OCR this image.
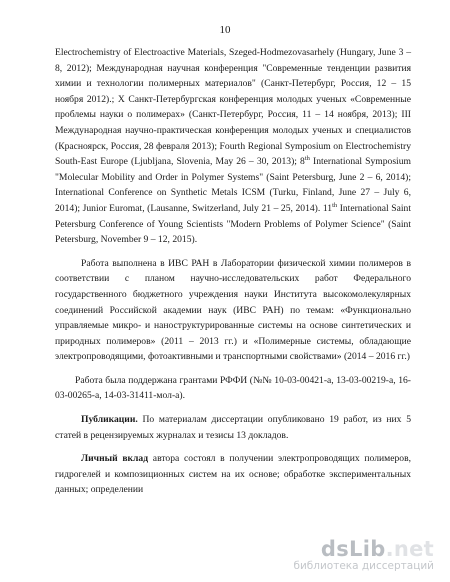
10

Electrochemistry of Electroactive Materials, Szeged-Hodmezovasarhely (Hungary, June 3 – 8, 2012); Международная научная конференция "Современные тенденции развития химии и технологии полимерных материалов" (Санкт-Петербург, Россия, 12 – 15 ноября 2012).; X Санкт-Петербургская конференция молодых ученых «Современные проблемы науки о полимерах» (Санкт-Петербург, Россия, 11 – 14 ноября, 2013); III Международная научно-практическая конференция молодых ученых и специалистов (Красноярск, Россия, 28 февраля 2013); Fourth Regional Symposium on Electrochemistry South-East Europe (Ljubljana, Slovenia, May 26 – 30, 2013); 8th International Symposium "Molecular Mobility and Order in Polymer Systems" (Saint Petersburg, June 2 – 6, 2014); International Conference on Synthetic Metals ICSM (Turku, Finland, June 27 – July 6, 2014); Junior Euromat, (Lausanne, Switzerland, July 21 – 25, 2014). 11th International Saint Petersburg Conference of Young Scientists "Modern Problems of Polymer Science" (Saint Petersburg, November 9 – 12, 2015).

Работа выполнена в ИВС РАН в Лаборатории физической химии полимеров в соответствии с планом научно-исследовательских работ Федерального государственного бюджетного учреждения науки Института высокомолекулярных соединений Российской академии наук (ИВС РАН) по темам: «Функционально управляемые микро- и наноструктурированные системы на основе синтетических и природных полимеров» (2011 – 2013 гг.) и «Полимерные системы, обладающие электропроводящими, фотоактивными и транспортными свойствами» (2014 – 2016 гг.)

Работа была поддержана грантами РФФИ (№№ 10-03-00421-а, 13-03-00219-а, 16-03-00265-а, 14-03-31411-мол-а).

Публикации. По материалам диссертации опубликовано 19 работ, из них 5 статей в рецензируемых журналах и тезисы 13 докладов.

Личный вклад автора состоял в получении электропроводящих полимеров, гидрогелей и композиционных систем на их основе; обработке экспериментальных данных; определении

dsLib.net
библиотека диссертаций
